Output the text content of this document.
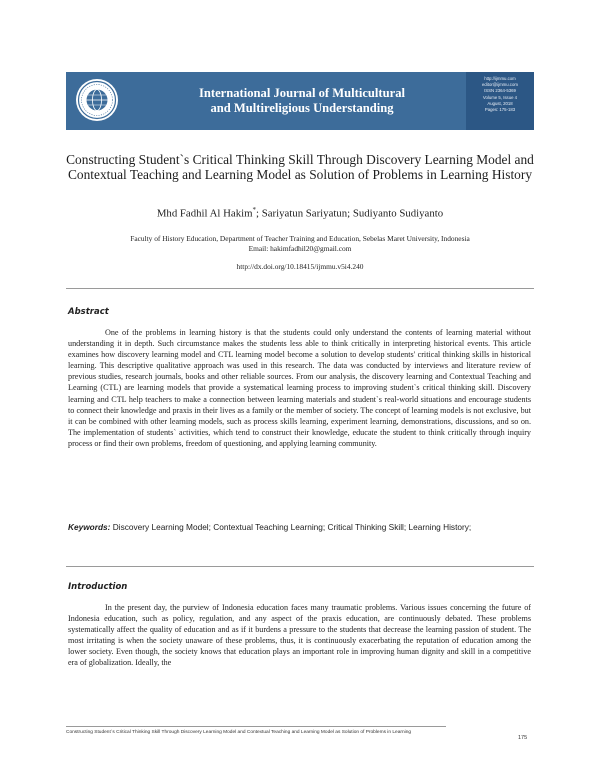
International Journal of Multicultural
and Multireligious Understanding
http://ijmmu.com
editor@ijmmu.com
ISSN 2364-5369
Volume 5, Issue 4
August, 2018
Pages: 175-183
Constructing Student`s Critical Thinking Skill Through Discovery Learning Model and Contextual Teaching and Learning Model as Solution of Problems in Learning History
Mhd Fadhil Al Hakim*; Sariyatun Sariyatun; Sudiyanto Sudiyanto
Faculty of History Education, Department of Teacher Training and Education, Sebelas Maret University, Indonesia
Email: hakimfadhil20@gmail.com
http://dx.doi.org/10.18415/ijmmu.v5i4.240
Abstract

One of the problems in learning history is that the students could only understand the contents of learning material without understanding it in depth. Such circumstance makes the students less able to think critically in interpreting historical events. This article examines how discovery learning model and CTL learning model become a solution to develop students' critical thinking skills in historical learning. This descriptive qualitative approach was used in this research. The data was conducted by interviews and literature review of previous studies, research journals, books and other reliable sources. From our analysis, the discovery learning and Contextual Teaching and Learning (CTL) are learning models that provide a systematical learning process to improving student`s critical thinking skill. Discovery learning and CTL help teachers to make a connection between learning materials and student`s real-world situations and encourage students to connect their knowledge and praxis in their lives as a family or the member of society. The concept of learning models is not exclusive, but it can be combined with other learning models, such as process skills learning, experiment learning, demonstrations, discussions, and so on. The implementation of students` activities, which tend to construct their knowledge, educate the student to think critically through inquiry process or find their own problems, freedom of questioning, and applying learning community.

Keywords: Discovery Learning Model; Contextual Teaching Learning; Critical Thinking Skill; Learning History;
Introduction

In the present day, the purview of Indonesia education faces many traumatic problems. Various issues concerning the future of Indonesia education, such as policy, regulation, and any aspect of the praxis education, are continuously debated. These problems systematically affect the quality of education and as if it burdens a pressure to the students that decrease the learning passion of student. The most irritating is when the society unaware of these problems, thus, it is continuously exacerbating the reputation of education among the lower society. Even though, the society knows that education plays an important role in improving human dignity and skill in a competitive era of globalization. Ideally, the

Constructing Student`s Critical Thinking Skill Through Discovery Learning Model and Contextual Teaching and Learning Model as Solution of Problems in Learning
175
